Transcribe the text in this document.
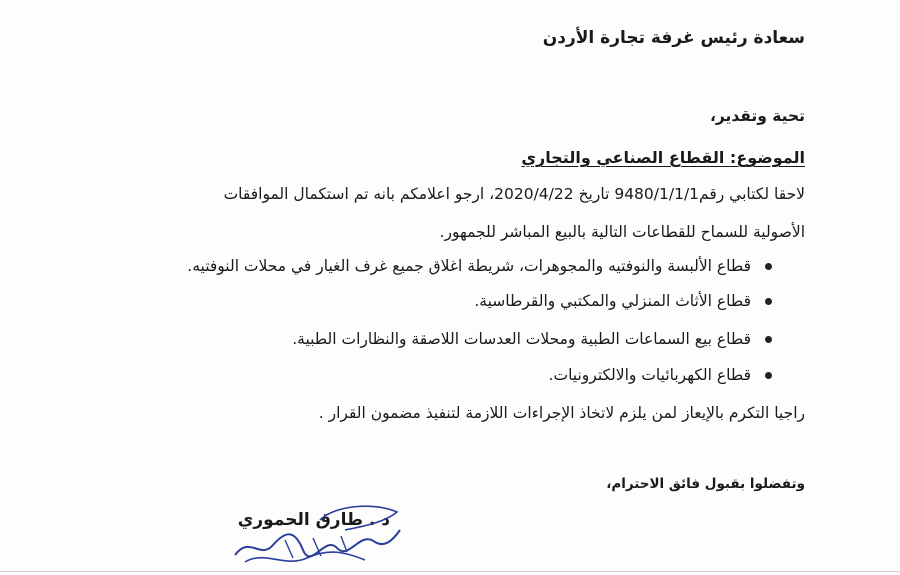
سعادة رئيس غرفة تجارة الأردن
تحية وتقدير،
الموضوع: القطاع الصناعي والتجاري
لاحقا لكتابي رقم9480/1/1/1 تاريخ 2020/4/22، ارجو اعلامكم بانه تم استكمال الموافقات
الأصولية للسماح للقطاعات التالية بالبيع المباشر للجمهور.
قطاع الألبسة والنوفتيه والمجوهرات، شريطة اغلاق جميع غرف الغيار في محلات النوفتيه.
قطاع الأثاث المنزلي والمكتبي والقرطاسية.
قطاع بيع السماعات الطبية ومحلات العدسات اللاصقة والنظارات الطبية.
قطاع الكهربائيات والالكترونيات.
راجيا التكرم بالإيعاز لمن يلزم لاتخاذ الإجراءات اللازمة لتنفيذ مضمون القرار .
وتفضلوا بقبول فائق الاحترام،
د . طارق الحموري
